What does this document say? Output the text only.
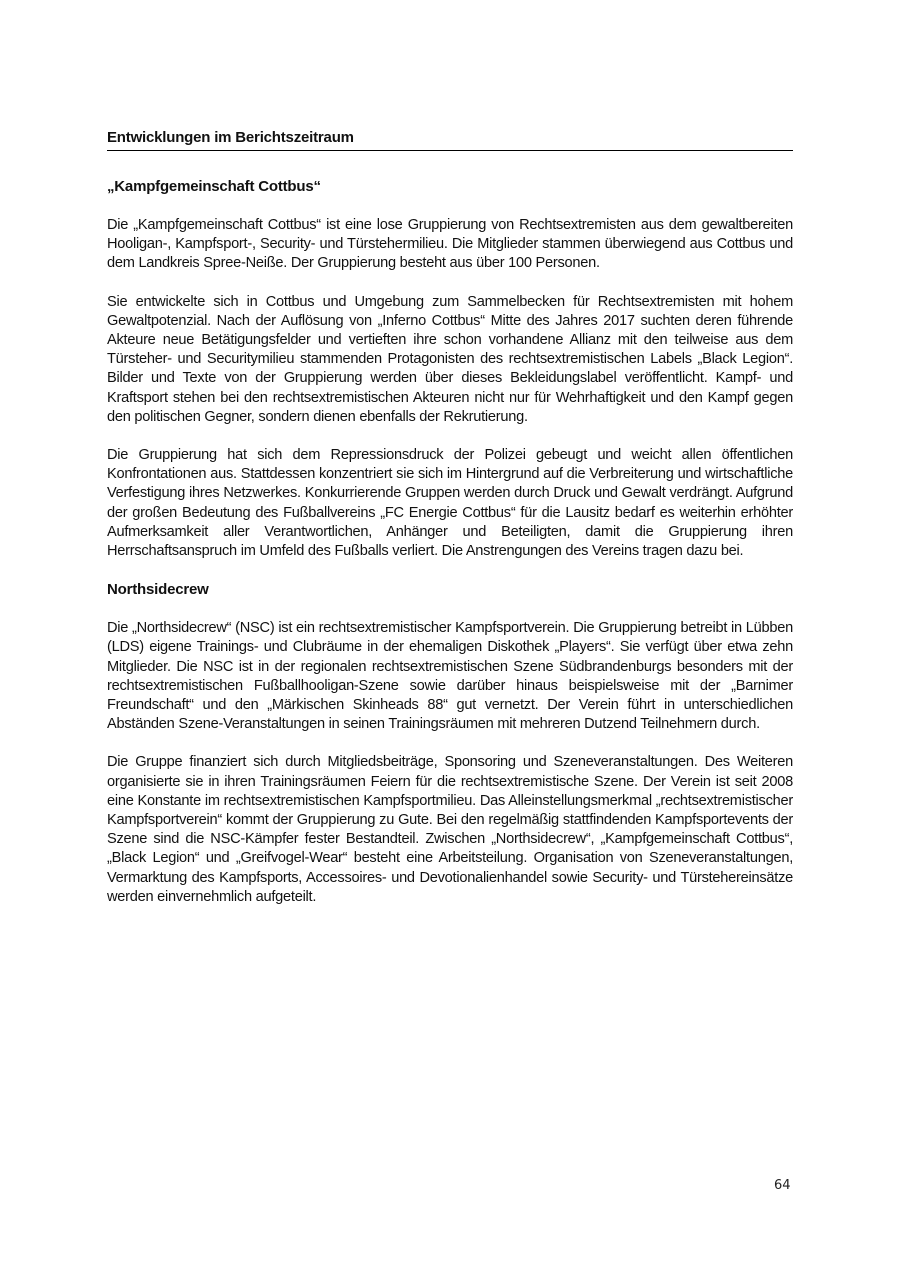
Entwicklungen im Berichtszeitraum
„Kampfgemeinschaft Cottbus“

Die „Kampfgemeinschaft Cottbus“ ist eine lose Gruppierung von Rechtsextremisten aus dem gewaltbereiten Hooligan-, Kampfsport-, Security- und Türstehermilieu. Die Mitglieder stammen überwiegend aus Cottbus und dem Landkreis Spree-Neiße. Der Gruppierung besteht aus über 100 Personen.

Sie entwickelte sich in Cottbus und Umgebung zum Sammelbecken für Rechtsextremisten mit hohem Gewaltpotenzial. Nach der Auflösung von „Inferno Cottbus“ Mitte des Jahres 2017 suchten deren führende Akteure neue Betätigungsfelder und vertieften ihre schon vorhandene Allianz mit den teilweise aus dem Türsteher- und Securitymilieu stammenden Protagonisten des rechtsextremistischen Labels „Black Legion“. Bilder und Texte von der Gruppierung werden über dieses Bekleidungslabel veröffentlicht. Kampf- und Kraftsport stehen bei den rechtsextremistischen Akteuren nicht nur für Wehrhaftigkeit und den Kampf gegen den politischen Gegner, sondern dienen ebenfalls der Rekrutierung.

Die Gruppierung hat sich dem Repressionsdruck der Polizei gebeugt und weicht allen öffentlichen Konfrontationen aus. Stattdessen konzentriert sie sich im Hintergrund auf die Verbreiterung und wirtschaftliche Verfestigung ihres Netzwerkes. Konkurrierende Gruppen werden durch Druck und Gewalt verdrängt. Aufgrund der großen Bedeutung des Fußballvereins „FC Energie Cottbus“ für die Lausitz bedarf es weiterhin erhöhter Aufmerksamkeit aller Verantwortlichen, Anhänger und Beteiligten, damit die Gruppierung ihren Herrschaftsanspruch im Umfeld des Fußballs verliert. Die Anstrengungen des Vereins tragen dazu bei.

Northsidecrew

Die „Northsidecrew“ (NSC) ist ein rechtsextremistischer Kampfsportverein. Die Gruppierung betreibt in Lübben (LDS) eigene Trainings- und Clubräume in der ehemaligen Diskothek „Players“. Sie verfügt über etwa zehn Mitglieder. Die NSC ist in der regionalen rechtsextremistischen Szene Südbrandenburgs besonders mit der rechtsextremistischen Fußballhooligan-Szene sowie darüber hinaus beispielsweise mit der „Barnimer Freundschaft“ und den „Märkischen Skinheads 88“ gut vernetzt. Der Verein führt in unterschiedlichen Abständen Szene-Veranstaltungen in seinen Trainingsräumen mit mehreren Dutzend Teilnehmern durch.

Die Gruppe finanziert sich durch Mitgliedsbeiträge, Sponsoring und Szeneveranstaltungen. Des Weiteren organisierte sie in ihren Trainingsräumen Feiern für die rechtsextremistische Szene. Der Verein ist seit 2008 eine Konstante im rechtsextremistischen Kampfsportmilieu. Das Alleinstellungsmerkmal „rechtsextremistischer Kampfsportverein“ kommt der Gruppierung zu Gute. Bei den regelmäßig stattfindenden Kampfsportevents der Szene sind die NSC-Kämpfer fester Bestandteil. Zwischen „Northsidecrew“, „Kampfgemeinschaft Cottbus“, „Black Legion“ und „Greifvogel-Wear“ besteht eine Arbeitsteilung. Organisation von Szeneveranstaltungen, Vermarktung des Kampfsports, Accessoires- und Devotionalienhandel sowie Security- und Türstehereinsätze werden einvernehmlich aufgeteilt.

64
